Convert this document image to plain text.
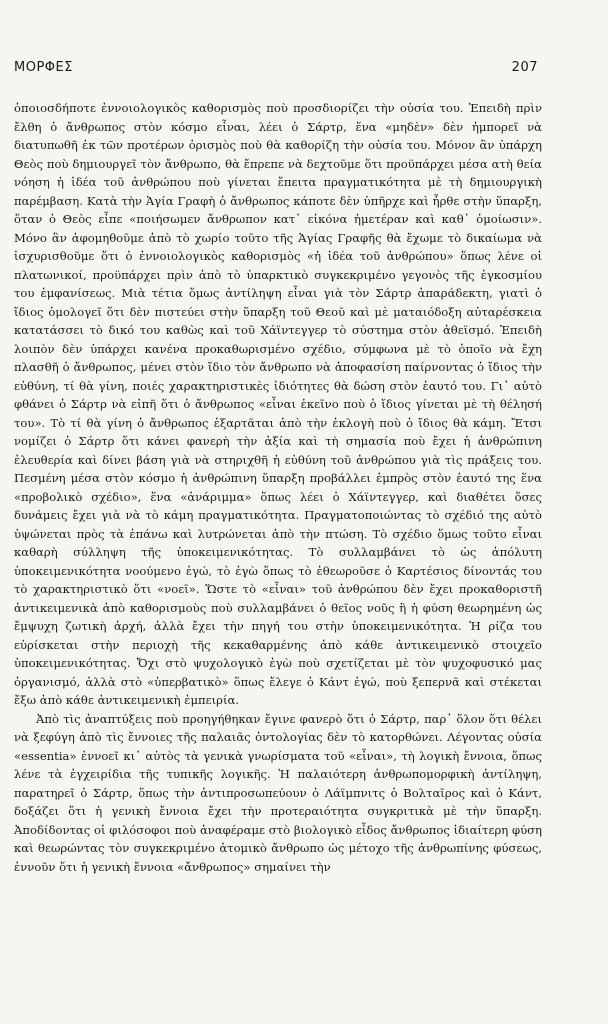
ΜΟΡΦΕΣ	207

ὁποιοσδήποτε ἐννοιολογικὸς καθορισμὸς ποὺ προσδιορίζει τὴν οὐσία του. Ἐπειδὴ πρὶν ἔλθη ὁ ἄνθρωπος στὸν κόσμο εἶναι, λέει ὁ Σάρτρ, ἕνα «μηδὲν» δὲν ἠμπορεῖ νὰ διατυπωθῆ ἐκ τῶν προτέρων ὁρισμὸς ποὺ θὰ καθορίζη τὴν οὐσία του. Μόνον ἂν ὑπάρχη Θεὸς ποὺ δημιουργεῖ τὸν ἄνθρωπο, θὰ ἔπρεπε νὰ δεχτοῦμε ὅτι προϋπάρχει μέσα ατὴ θεία νόηση ἡ ἰδέα τοῦ ἀνθρώπου ποὺ γίνεται ἔπειτα πραγματικότητα μὲ τὴ δημιουργικὴ παρέμβαση. Κατὰ τὴν Ἁγία Γραφὴ ὁ ἄνθρωπος κάποτε δὲν ὑπῆρχε καὶ ἦρθε στὴν ὕπαρξη, ὅταν ὁ Θεὸς εἶπε «ποιήσωμεν ἄνθρωπον κατ᾽ εἰκόνα ἡμετέραν καὶ καθ᾽ ὁμοίωσιν». Μόνο ἂν ἀφομηθοῦμε ἀπὸ τὸ χωρίο τοῦτο τῆς Ἁγίας Γραφῆς θὰ ἔχωμε τὸ δικαίωμα νὰ ἰσχυρισθοῦμε ὅτι ὁ ἐννοιολογικὸς καθορισμὸς «ἡ ἰδέα τοῦ ἀνθρώπου» ὅπως λένε οἱ πλατωνικοί, προϋπάρχει πρὶν ἀπὸ τὸ ὑπαρκτικὸ συγκεκριμένο γεγονὸς τῆς ἐγκοσμίου του ἐμφανίσεως. Μιὰ τέτια ὅμως ἀντίληψη εἶναι γιὰ τὸν Σάρτρ ἀπαράδεκτη, γιατὶ ὁ ἴδιος ὁμολογεῖ ὅτι δὲν πιστεύει στὴν ὕπαρξη τοῦ Θεοῦ καὶ μὲ ματαιόδοξη αὐταρέσκεια κατατάσσει τὸ δικό του καθὼς καὶ τοῦ Χάϊντεγγερ τὸ σύστημα στὸν ἀθεϊσμό. Ἐπειδὴ λοιπὸν δὲν ὑπάρχει κανένα προκαθωρισμένο σχέδιο, σύμφωνα μὲ τὸ ὁποῖο νὰ ἔχη πλασθῆ ὁ ἄνθρωπος, μένει στὸν ἴδιο τὸν ἄνθρωπο νὰ ἀποφασίση παίρνοντας ὁ ἴδιος τὴν εὐθύνη, τί θὰ γίνη, ποιές χαρακτηριστικὲς ἰδιότητες θὰ δώση στὸν ἑαυτό του. Γι᾽ αὐτὸ φθάνει ὁ Σάρτρ νὰ εἰπῆ ὅτι ὁ ἄνθρωπος «εἶναι ἐκεῖνο ποὺ ὁ ἴδιος γίνεται μὲ τὴ θέλησή του». Τὸ τί θὰ γίνη ὁ ἄνθρωπος ἐξαρτᾶται ἀπὸ τὴν ἐκλογὴ ποὺ ὁ ἴδιος θὰ κάμη. Ἔτσι νομίζει ὁ Σάρτρ ὅτι κάνει φανερὴ τὴν ἀξία καὶ τὴ σημασία ποὺ ἔχει ἡ ἀνθρώπινη ἐλευθερία καὶ δίνει βάση γιὰ νὰ στηριχθῆ ἡ εὐθύνη τοῦ ἀνθρώπου γιὰ τὶς πράξεις του. Πεσμένη μέσα στὸν κόσμο ἡ ἀνθρώπινη ὕπαρξη προβάλλει ἐμπρὸς στὸν ἑαυτό της ἕνα «προβολικὸ σχέδιο», ἕνα «ἀνάριμμα» ὅπως λέει ὁ Χάϊντεγγερ, καὶ διαθέτει ὅσες δυνάμεις ἔχει γιὰ νὰ τὸ κάμη πραγματικότητα. Πραγματοποιώντας τὸ σχέδιό της αὐτὸ ὑψώνεται πρὸς τὰ ἐπάνω καὶ λυτρώνεται ἀπὸ τὴν πτώση. Τὸ σχέδιο ὅμως τοῦτο εἶναι καθαρὴ σύλληψη τῆς ὑποκειμενικότητας. Τὸ συλλαμβάνει τὸ ὡς ἀπόλυτη ὑποκειμενικότητα νοούμενο ἐγώ, τὸ ἐγὼ ὅπως τὸ ἐθεωροῦσε ὁ Καρτέσιος δίνοντάς του τὸ χαρακτηριστικὸ ὅτι «νοεῖ». Ὥστε τὸ «εἶναι» τοῦ ἀνθρώπου δὲν ἔχει προκαθοριστῆ ἀντικειμενικὰ ἀπὸ καθορισμοὺς ποὺ συλλαμβάνει ὁ θεῖος νοῦς ἢ ἡ φύση θεωρημένη ὡς ἔμψυχη ζωτικὴ ἀρχή, ἀλλὰ ἔχει τὴν πηγή του στὴν ὑποκειμενικότητα. Ἡ ρίζα του εὑρίσκεται στὴν περιοχὴ τῆς κεκαθαρμένης ἀπὸ κάθε ἀντικειμενικὸ στοιχεῖο ὑποκειμενικότητας. Ὄχι στὸ ψυχολογικὸ ἐγὼ ποὺ σχετίζεται μὲ τὸν ψυχοφυσικό μας ὀργανισμό, ἀλλὰ στὸ «ὑπερβατικὸ» ὅπως ἔλεγε ὁ Κάντ ἐγώ, ποὺ ξεπερνᾶ καὶ στέκεται ἔξω ἀπὸ κάθε ἀντικειμενικὴ ἐμπειρία.

Ἀπὸ τὶς ἀναπτύξεις ποὺ προηγήθηκαν ἔγινε φανερὸ ὅτι ὁ Σάρτρ, παρ᾽ ὅλον ὅτι θέλει νὰ ξεφύγη ἀπὸ τὶς ἔννοιες τῆς παλαιᾶς ὀντολογίας δὲν τὸ κατορθώνει. Λέγοντας οὐσία «essentia» ἐννοεῖ κι᾽ αὐτὸς τὰ γενικὰ γνωρίσματα τοῦ «εἶναι», τὴ λογικὴ ἔννοια, ὅπως λένε τὰ ἐγχειρίδια τῆς τυπικῆς λογικῆς. Ἡ παλαιότερη ἀνθρωπομορφικὴ ἀντίληψη, παρατηρεῖ ὁ Σάρτρ, ὅπως τὴν ἀντιπροσωπεύουν ὁ Λάϊμπνιτς ὁ Βολταῖρος καὶ ὁ Κάντ, δοξάζει ὅτι ἡ γενικὴ ἔννοια ἔχει τὴν προτεραιότητα συγκριτικὰ μὲ τὴν ὕπαρξη. Ἀποδίδοντας οἱ φιλόσοφοι ποὺ ἀναφέραμε στὸ βιολογικὸ εἶδος ἄνθρωπος ἰδιαίτερη φύση καὶ θεωρώντας τὸν συγκεκριμένο ἀτομικὸ ἄνθρωπο ὡς μέτοχο τῆς ἀνθρωπίνης φύσεως, ἐννοῦν ὅτι ἡ γενικὴ ἔννοια «ἄνθρωπος» σημαίνει τὴν
